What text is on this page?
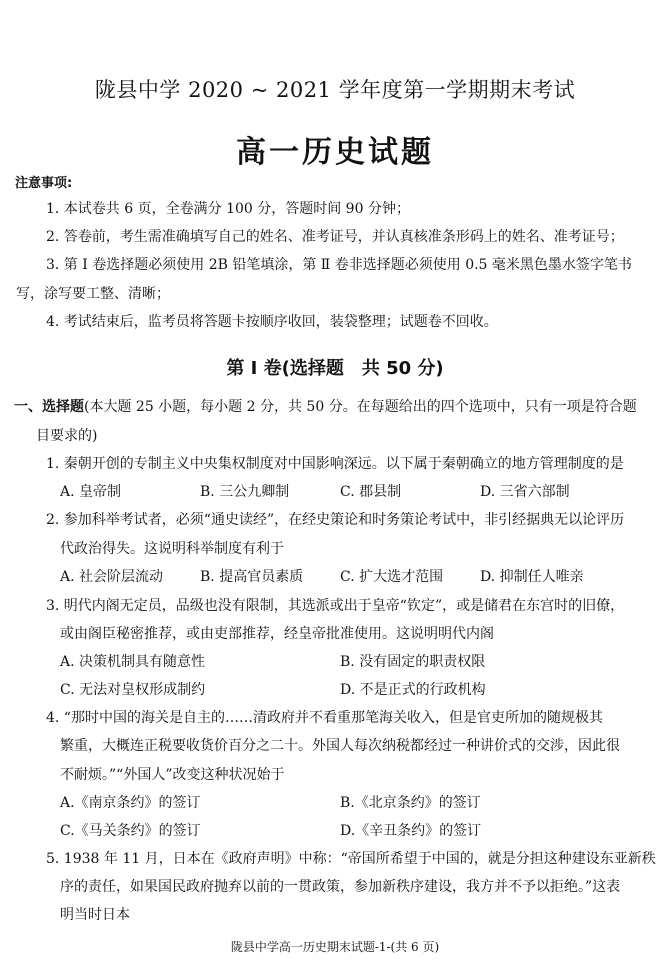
陇县中学 2020 ~ 2021 学年度第一学期期末考试
高一历史试题
注意事项:
1. 本试卷共 6 页，全卷满分 100 分，答题时间 90 分钟；
2. 答卷前，考生需准确填写自己的姓名、准考证号，并认真核准条形码上的姓名、准考证号；
3. 第 Ⅰ 卷选择题必须使用 2B 铅笔填涂，第 Ⅱ 卷非选择题必须使用 0.5 毫米黑色墨水签字笔书
写，涂写要工整、清晰；
4. 考试结束后，监考员将答题卡按顺序收回，装袋整理；试题卷不回收。
第 Ⅰ 卷(选择题　共 50 分)
一、选择题(本大题 25 小题，每小题 2 分，共 50 分。在每题给出的四个选项中，只有一项是符合题
目要求的)
1. 秦朝开创的专制主义中央集权制度对中国影响深远。以下属于秦朝确立的地方管理制度的是
A. 皇帝制	B. 三公九卿制	C. 郡县制	D. 三省六部制
2. 参加科举考试者，必须“通史读经”，在经史策论和时务策论考试中，非引经据典无以论评历
代政治得失。这说明科举制度有利于
A. 社会阶层流动	B. 提高官员素质	C. 扩大选才范围	D. 抑制任人唯亲
3. 明代内阁无定员，品级也没有限制，其选派或出于皇帝“钦定”，或是储君在东宫时的旧僚，
或由阁臣秘密推荐，或由吏部推荐，经皇帝批准使用。这说明明代内阁
A. 决策机制具有随意性	B. 没有固定的职责权限
C. 无法对皇权形成制约	D. 不是正式的行政机构
4. “那时中国的海关是自主的……清政府并不看重那笔海关收入，但是官吏所加的随规极其
繁重，大概连正税要收货价百分之二十。外国人每次纳税都经过一种讲价式的交涉，因此很
不耐烦。”“外国人”改变这种状况始于
A.《南京条约》的签订	B.《北京条约》的签订
C.《马关条约》的签订	D.《辛丑条约》的签订
5. 1938 年 11 月，日本在《政府声明》中称：“帝国所希望于中国的，就是分担这种建设东亚新秩
序的责任，如果国民政府抛弃以前的一贯政策，参加新秩序建设，我方并不予以拒绝。”这表
明当时日本
陇县中学高一历史期末试题-1-(共 6 页)
